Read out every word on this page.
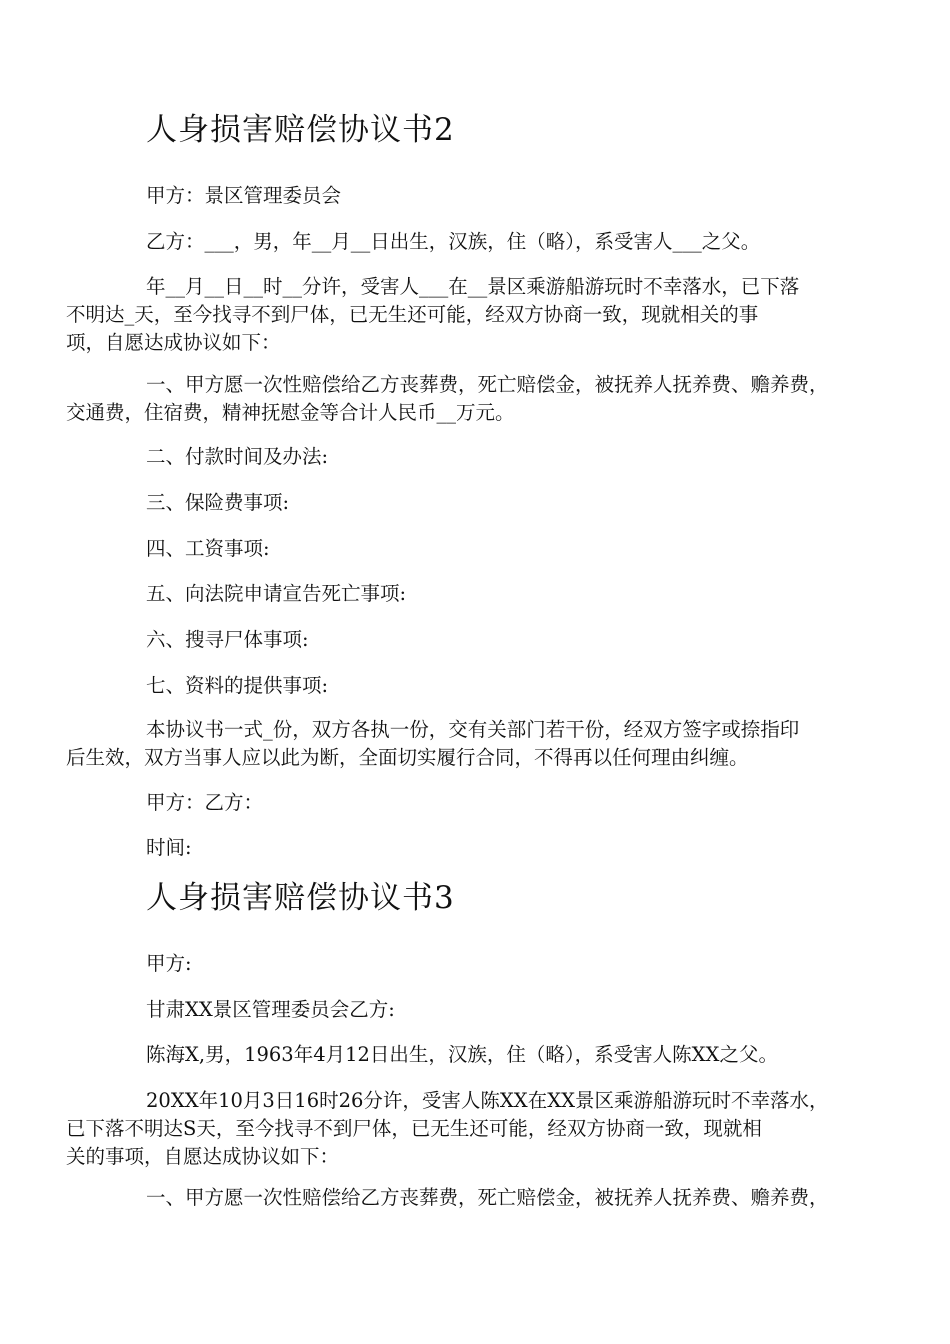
人身损害赔偿协议书2
甲方：景区管理委员会
乙方：___，男，年__月__日出生，汉族，住（略），系受害人___之父。
年__月__日__时__分许，受害人___在__景区乘游船游玩时不幸落水，已下落
不明达_天，至今找寻不到尸体，已无生还可能，经双方协商一致，现就相关的事
项，自愿达成协议如下：
一、甲方愿一次性赔偿给乙方丧葬费，死亡赔偿金，被抚养人抚养费、赡养费，
交通费，住宿费，精神抚慰金等合计人民币__万元。
二、付款时间及办法:
三、保险费事项:
四、工资事项:
五、向法院申请宣告死亡事项:
六、搜寻尸体事项:
七、资料的提供事项:
本协议书一式_份，双方各执一份，交有关部门若干份，经双方签字或捺指印
后生效，双方当事人应以此为断，全面切实履行合同，不得再以任何理由纠缠。
甲方：乙方：
时间:
人身损害赔偿协议书3
甲方:
甘肃XX景区管理委员会乙方:
陈海X,男，1963年4月12日出生，汉族，住（略），系受害人陈XX之父。
20XX年10月3日16时26分许，受害人陈XX在XX景区乘游船游玩时不幸落水，
已下落不明达S天，至今找寻不到尸体，已无生还可能，经双方协商一致，现就相
关的事项，自愿达成协议如下：
一、甲方愿一次性赔偿给乙方丧葬费，死亡赔偿金，被抚养人抚养费、赡养费，
